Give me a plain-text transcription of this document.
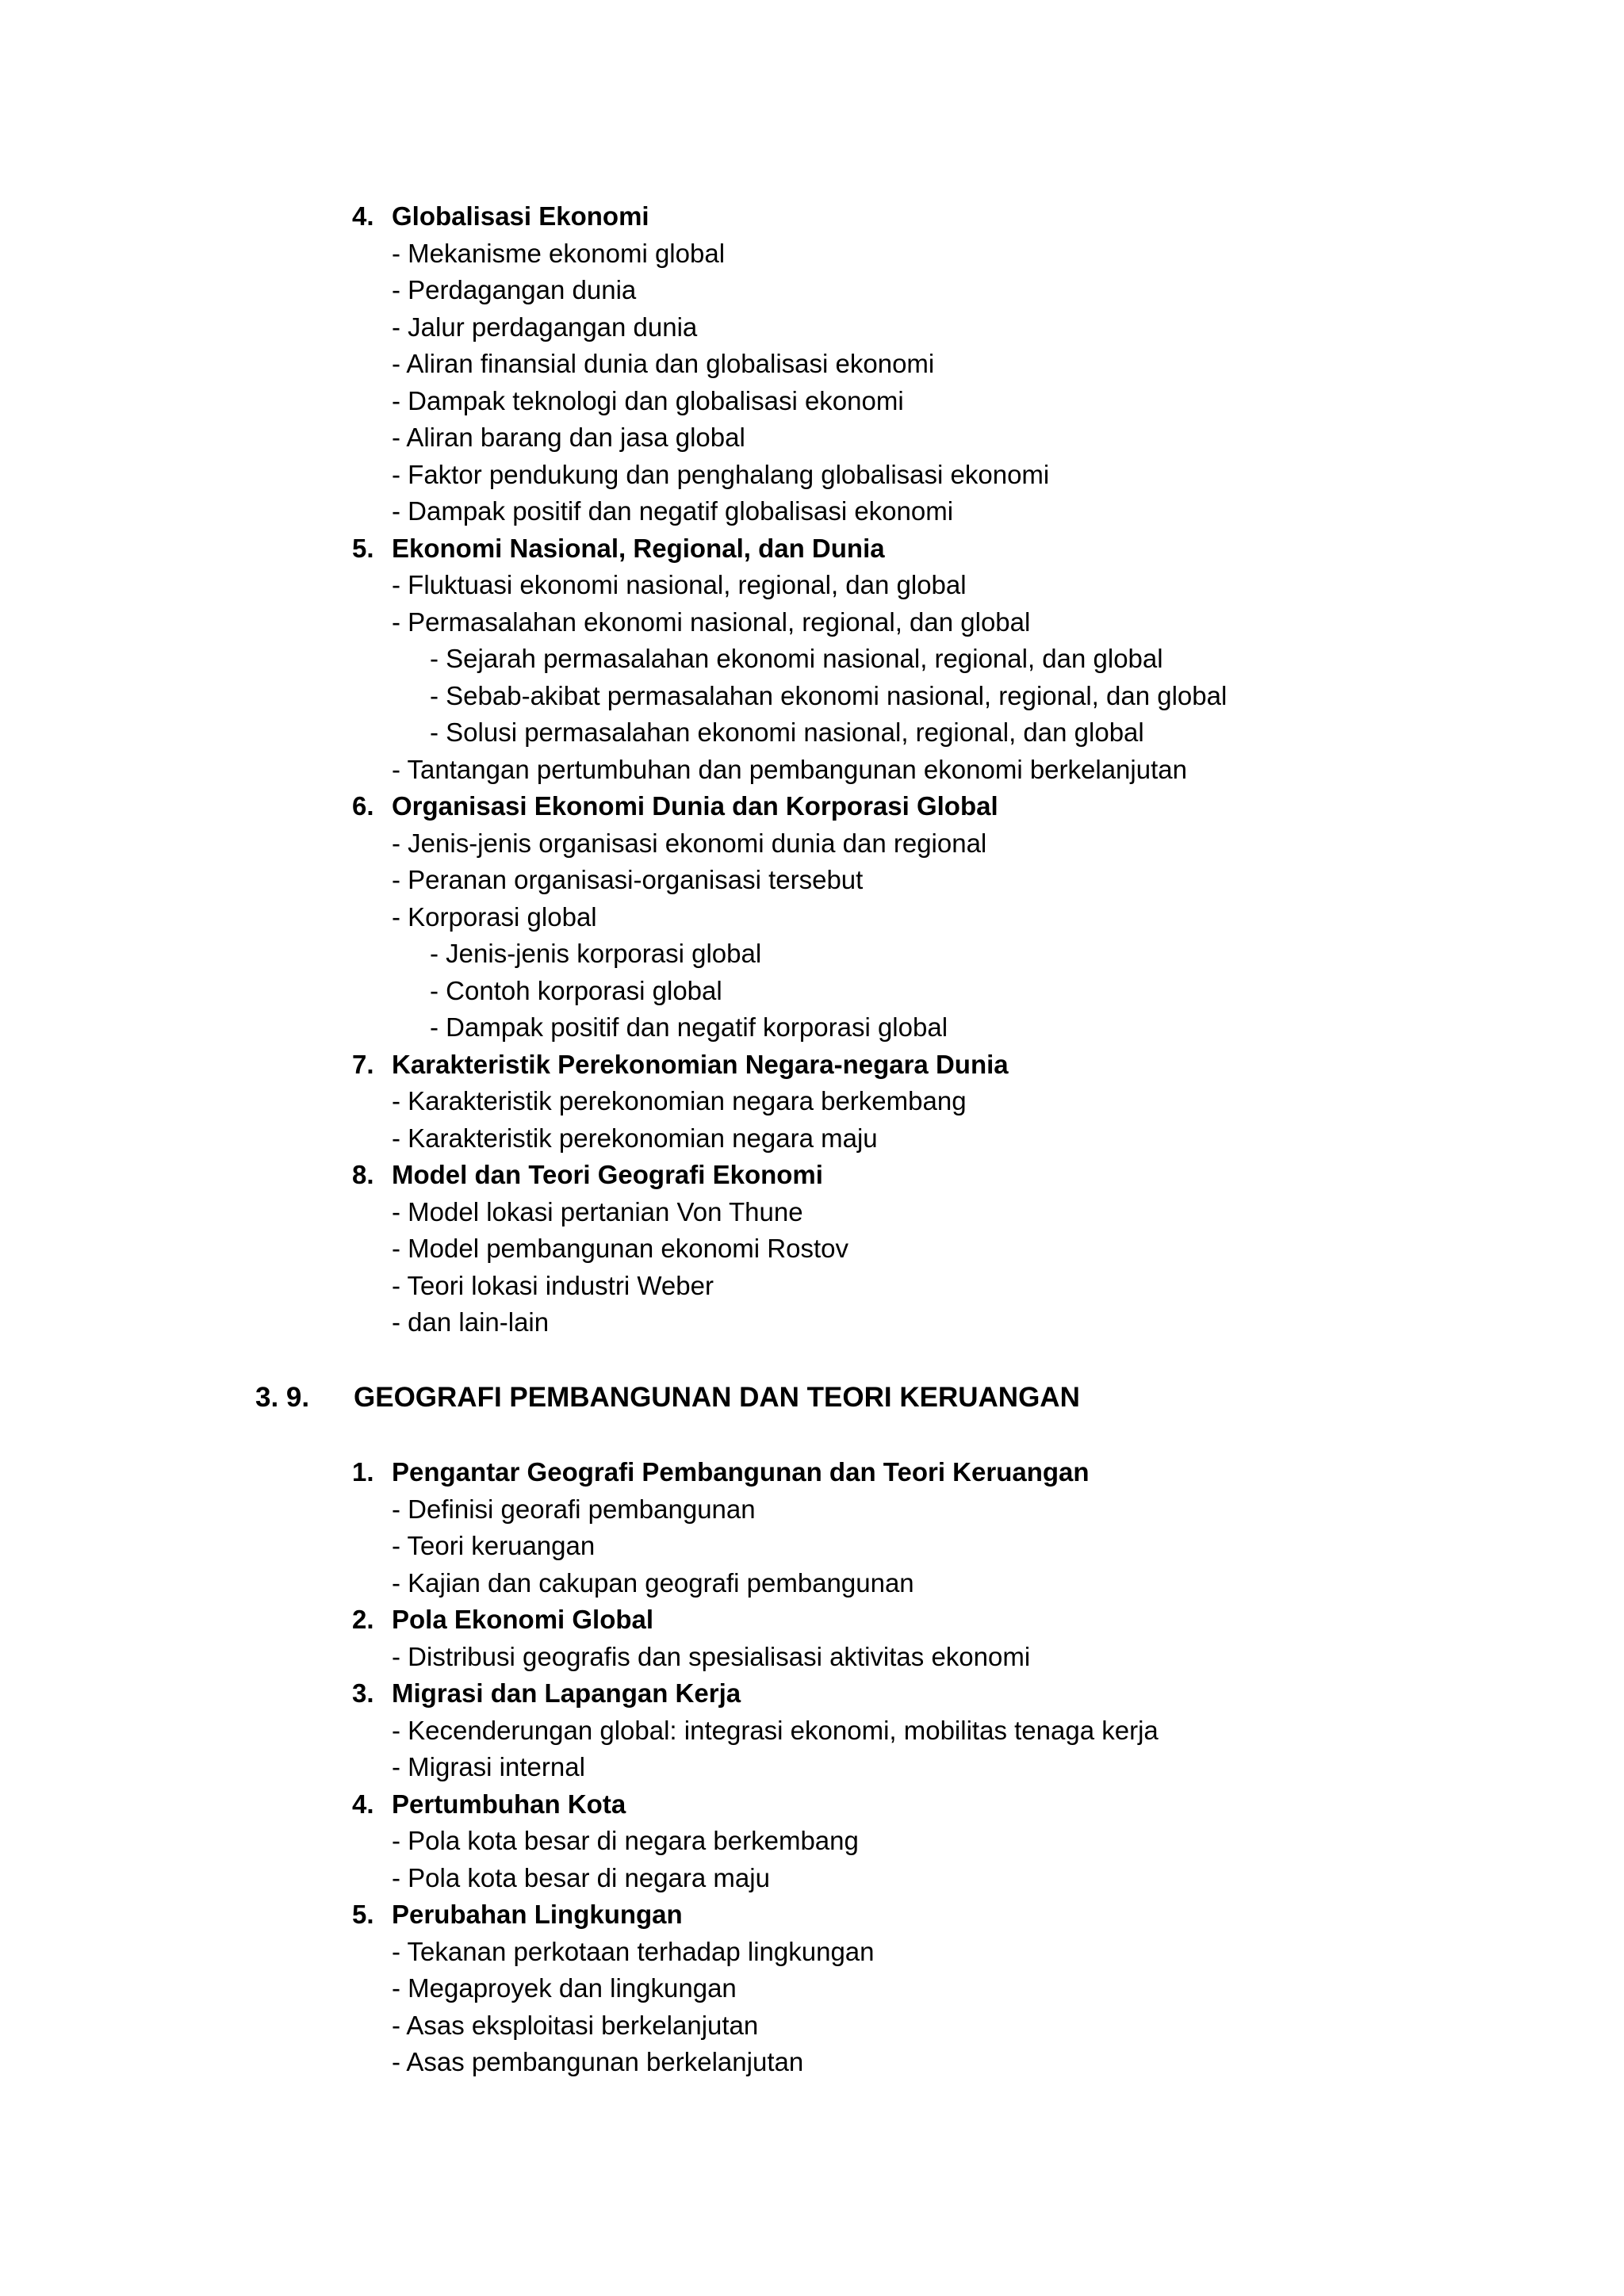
4. Globalisasi Ekonomi
- Mekanisme ekonomi global
- Perdagangan dunia
- Jalur perdagangan dunia
- Aliran finansial dunia dan globalisasi ekonomi
- Dampak teknologi dan globalisasi ekonomi
- Aliran barang dan jasa global
- Faktor pendukung dan penghalang globalisasi ekonomi
- Dampak positif dan negatif globalisasi ekonomi
5. Ekonomi Nasional, Regional, dan Dunia
- Fluktuasi ekonomi nasional, regional, dan global
- Permasalahan ekonomi nasional, regional, dan global
- Sejarah permasalahan ekonomi nasional, regional, dan global
- Sebab-akibat permasalahan ekonomi nasional, regional, dan global
- Solusi permasalahan ekonomi nasional, regional, dan global
- Tantangan pertumbuhan dan pembangunan ekonomi berkelanjutan
6. Organisasi Ekonomi Dunia dan Korporasi Global
- Jenis-jenis organisasi ekonomi dunia dan regional
- Peranan organisasi-organisasi tersebut
- Korporasi global
- Jenis-jenis korporasi global
- Contoh korporasi global
- Dampak positif dan negatif korporasi global
7. Karakteristik Perekonomian Negara-negara Dunia
- Karakteristik perekonomian negara berkembang
- Karakteristik perekonomian negara maju
8. Model dan Teori Geografi Ekonomi
- Model lokasi pertanian Von Thune
- Model pembangunan ekonomi Rostov
- Teori lokasi industri Weber
- dan lain-lain
3. 9. GEOGRAFI PEMBANGUNAN DAN TEORI KERUANGAN
1. Pengantar Geografi Pembangunan dan Teori Keruangan
- Definisi georafi pembangunan
- Teori keruangan
- Kajian dan cakupan geografi pembangunan
2. Pola Ekonomi Global
- Distribusi geografis dan spesialisasi aktivitas ekonomi
3. Migrasi dan Lapangan Kerja
- Kecenderungan global: integrasi ekonomi, mobilitas tenaga kerja
- Migrasi internal
4. Pertumbuhan Kota
- Pola kota besar di negara berkembang
- Pola kota besar di negara maju
5. Perubahan Lingkungan
- Tekanan perkotaan terhadap lingkungan
- Megaproyek dan lingkungan
- Asas eksploitasi berkelanjutan
- Asas pembangunan berkelanjutan
